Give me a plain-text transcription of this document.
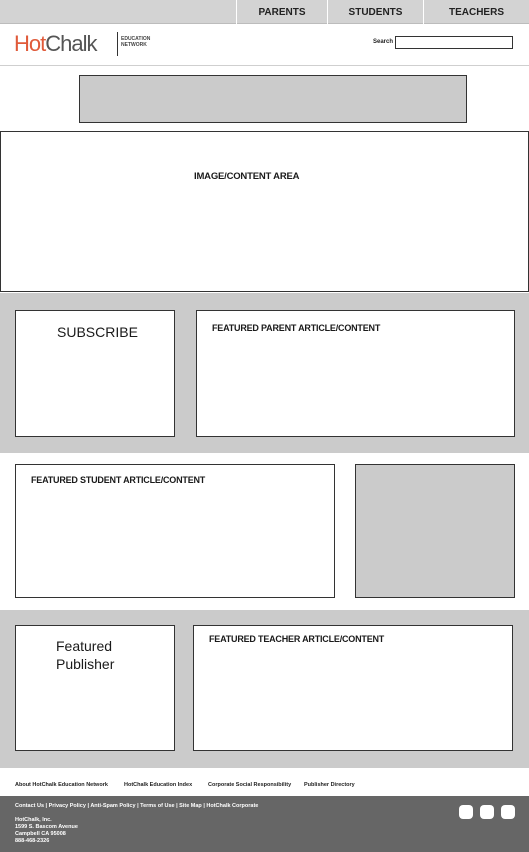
PARENTS	STUDENTS	TEACHERS
HotChalk	EDUCATION
NETWORK	Search
IMAGE/CONTENT AREA
SUBSCRIBE	FEATURED PARENT ARTICLE/CONTENT
FEATURED STUDENT ARTICLE/CONTENT
Featured
Publisher
FEATURED TEACHER ARTICLE/CONTENT
About HotChalk Education Network	HotChalk Education Index	Corporate Social Responsibility Publisher Directory
Contact Us | Privacy Policy | Anti-Spam Policy | Terms of Use | Site Map | HotChalk Corporate
HotChalk, Inc.
1599 S. Bascom Avenue
Campbell CA 95008
888-468-2326
